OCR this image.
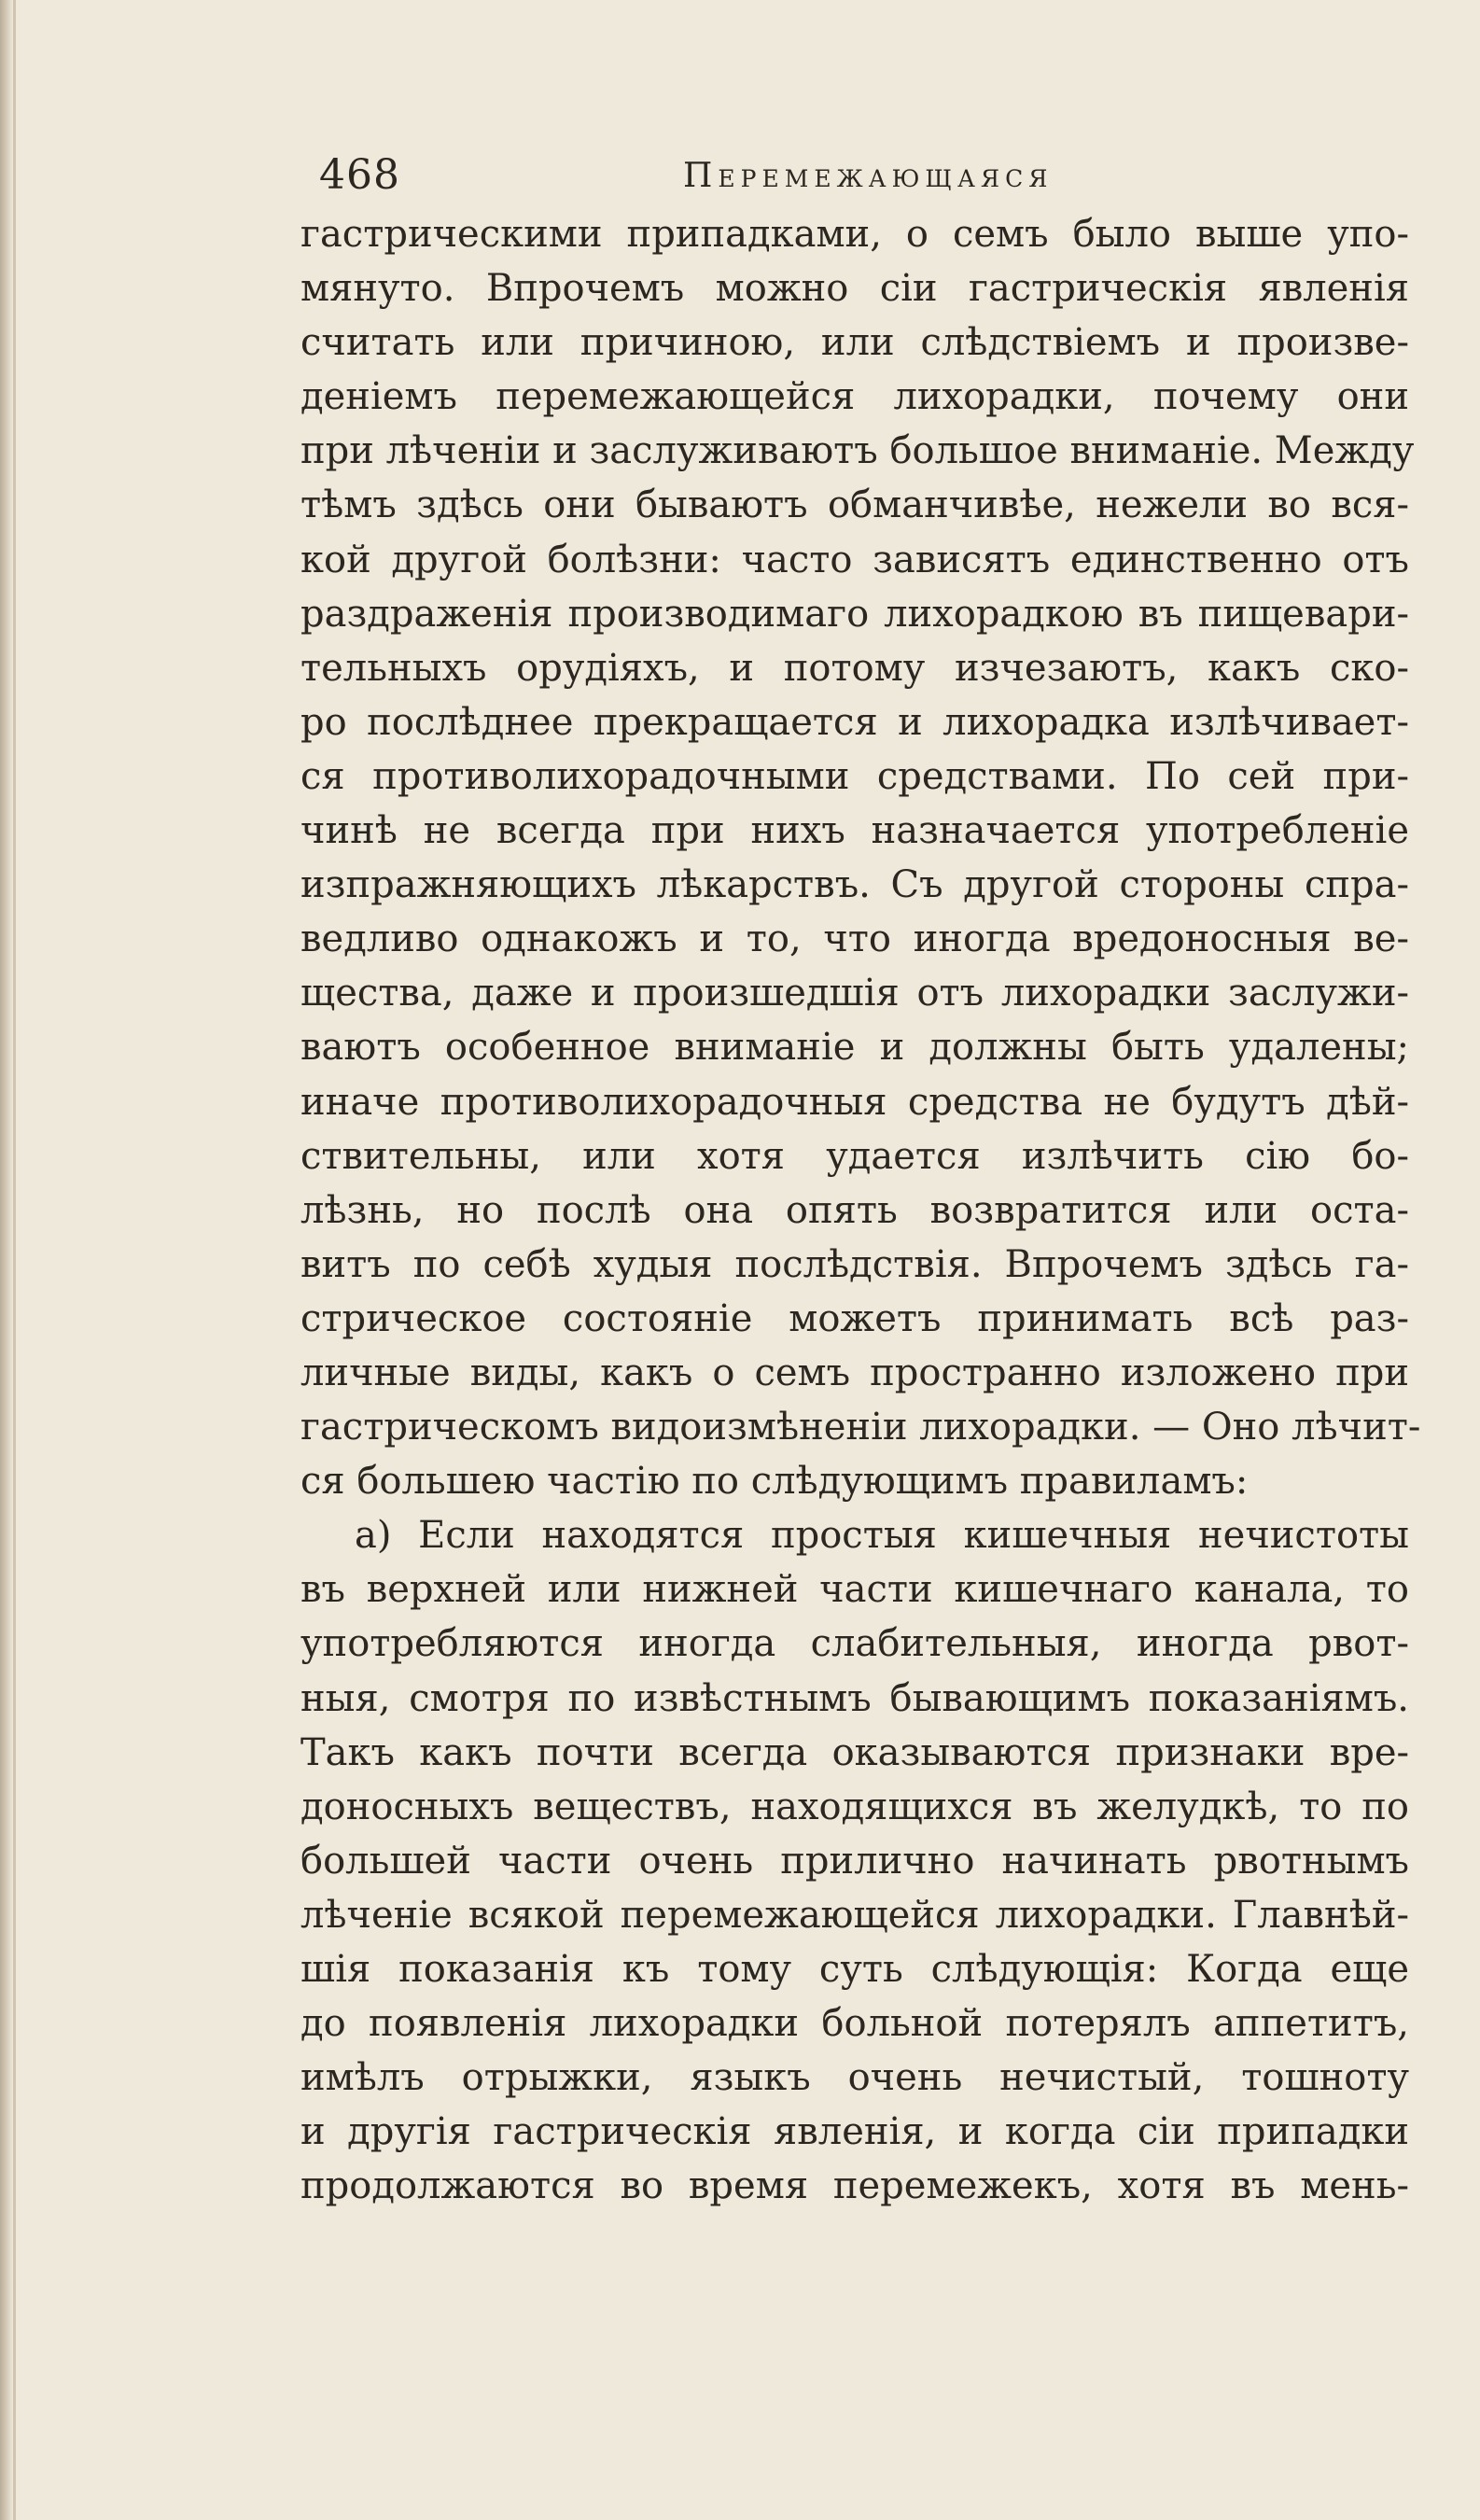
468	Перемежающаяся
гастрическими припадками, о семъ было выше упо-
мянуто. Впрочемъ можно сіи гастрическія явленія
считать или причиною, или слѣдствіемъ и произве-
деніемъ перемежающейся лихорадки, почему они
при лѣченіи и заслуживаютъ большое вниманіе. Между
тѣмъ здѣсь они бываютъ обманчивѣе, нежели во вся-
кой другой болѣзни: часто зависятъ единственно отъ
раздраженія производимаго лихорадкою въ пищевари-
тельныхъ орудіяхъ, и потому изчезаютъ, какъ ско-
ро послѣднее прекращается и лихорадка излѣчивает-
ся противолихорадочными средствами. По сей при-
чинѣ не всегда при нихъ назначается употребленіе
изпражняющихъ лѣкарствъ. Съ другой стороны спра-
ведливо однакожъ и то, что иногда вредоносныя ве-
щества, даже и произшедшія отъ лихорадки заслужи-
ваютъ особенное вниманіе и должны быть удалены;
иначе противолихорадочныя средства не будутъ дѣй-
ствительны, или хотя удается излѣчить сію бо-
лѣзнь, но послѣ она опять возвратится или оста-
витъ по себѣ худыя послѣдствія. Впрочемъ здѣсь га-
стрическое состояніе можетъ принимать всѣ раз-
личные виды, какъ о семъ пространно изложено при
гастрическомъ видоизмѣненіи лихорадки. — Оно лѣчит-
ся большею частію по слѣдующимъ правиламъ:
a) Если находятся простыя кишечныя нечистоты
въ верхней или нижней части кишечнаго канала, то
употребляются иногда слабительныя, иногда рвот-
ныя, смотря по извѣстнымъ бывающимъ показаніямъ.
Такъ какъ почти всегда оказываются признаки вре-
доносныхъ веществъ, находящихся въ желудкѣ, то по
большей части очень прилично начинать рвотнымъ
лѣченіе всякой перемежающейся лихорадки. Главнѣй-
шія показанія къ тому суть слѣдующія: Когда еще
до появленія лихорадки больной потерялъ аппетитъ,
имѣлъ отрыжки, языкъ очень нечистый, тошноту
и другія гастрическія явленія, и когда сіи припадки
продолжаются во время перемежекъ, хотя въ мень-
